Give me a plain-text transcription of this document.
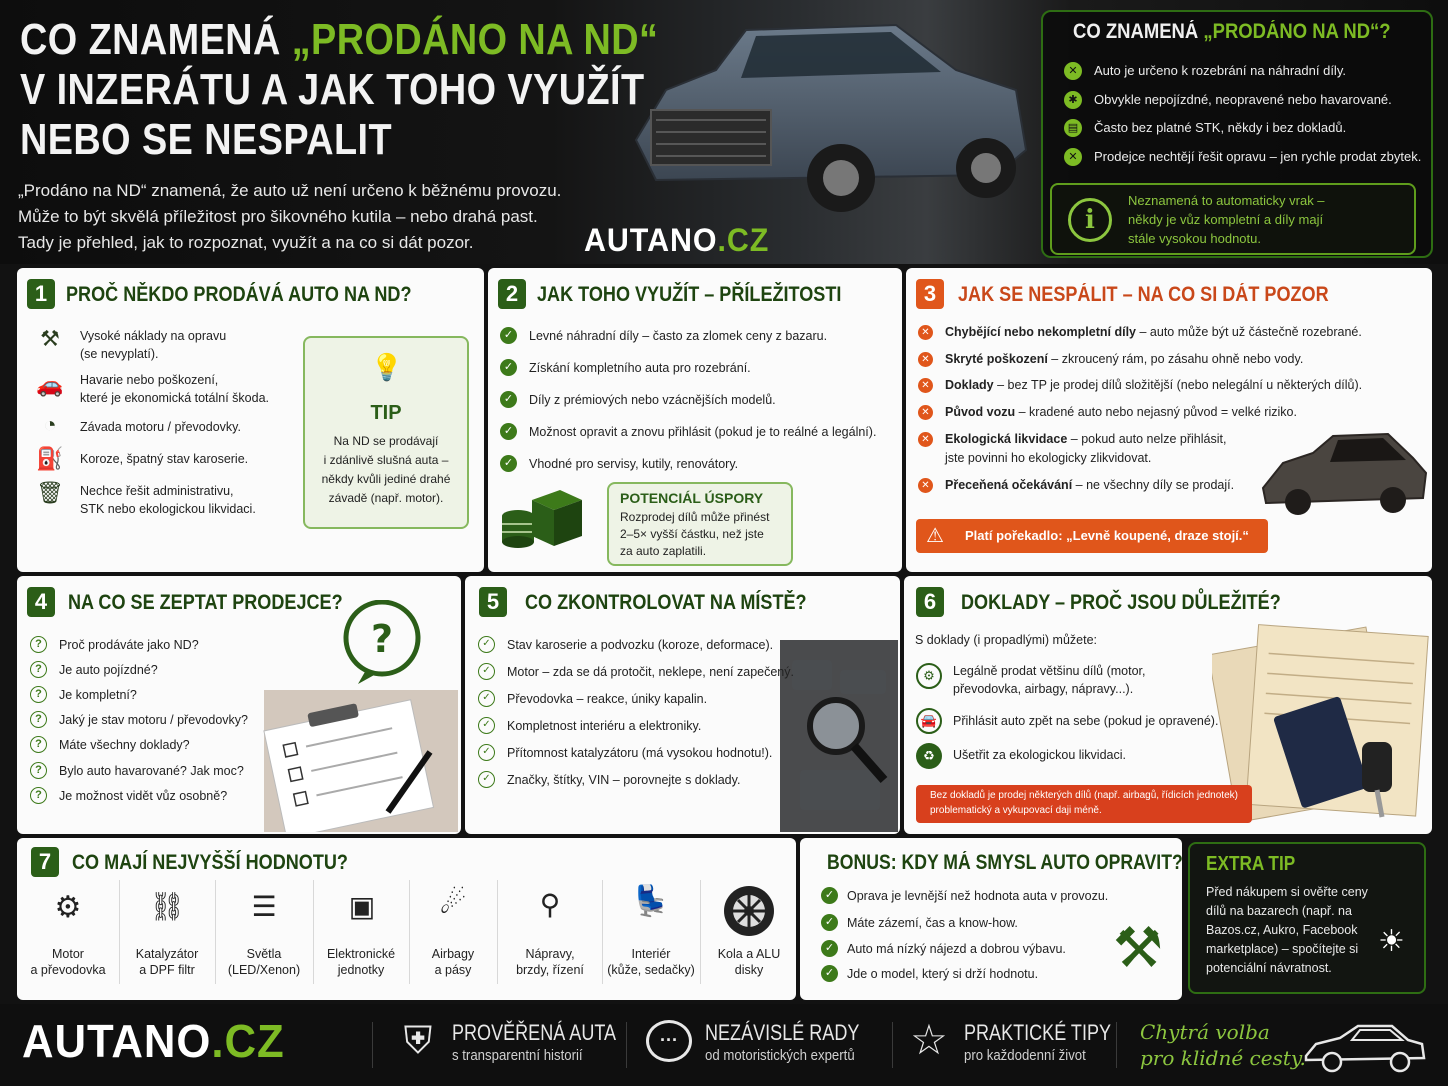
CO ZNAMENÁ „PRODÁNO NA ND“
V INZERÁTU A JAK TOHO VYUŽÍT
NEBO SE NESPALIT
„Prodáno na ND“ znamená, že auto už není určeno k běžnému provozu.
Může to být skvělá příležitost pro šikovného kutila – nebo drahá past.
Tady je přehled, jak to rozpoznat, využít a na co si dát pozor.	AUTANO.CZ
CO ZNAMENÁ „PRODÁNO NA ND“?
✕	Auto je určeno k rozebrání na náhradní díly.
✱	Obvykle nepojízdné, neopravené nebo havarované.
▤ Často bez platné STK, někdy i bez dokladů.
✕	Prodejce nechtějí řešit opravu – jen rychle prodat zbytek.
i
Neznamená to automaticky vrak –
někdy je vůz kompletní a díly mají
stále vysokou hodnotu.
1 PROČ NĚKDO PRODÁVÁ AUTO NA ND?
⚒	Vysoké náklady na opravu
(se nevyplatí).
🚗	Havarie nebo poškození,
které je ekonomická totální škoda.
◔	Závada motoru / převodovky.
⛽	Koroze, špatný stav karoserie.
🗑	Nechce řešit administrativu,
STK nebo ekologickou likvidaci.
💡
TIP
Na ND se prodávají
i zdánlivě slušná auta –
někdy kvůli jediné drahé
závadě (např. motor).
2 JAK TOHO VYUŽÍT – PŘÍLEŽITOSTI
✓	Levné náhradní díly – často za zlomek ceny z bazaru.
✓	Získání kompletního auta pro rozebrání.
✓	Díly z prémiových nebo vzácnějších modelů.
✓	Možnost opravit a znovu přihlásit (pokud je to reálné a legální).
✓	Vhodné pro servisy, kutily, renovátory.
POTENCIÁL ÚSPORY
Rozprodej dílů může přinést
2–5× vyšší částku, než jste
za auto zaplatili.
3	JAK SE NESPÁLIT – NA CO SI DÁT POZOR
✕ Chybějící nebo nekompletní díly – auto může být už částečně rozebrané.
✕ Skryté poškození – zkroucený rám, po zásahu ohně nebo vody.
✕ Doklady – bez TP je prodej dílů složitější (nebo nelegální u některých dílů).
✕ Původ vozu – kradené auto nebo nejasný původ = velké riziko.
✕ Ekologická likvidace – pokud auto nelze přihlásit,
jste povinni ho ekologicky zlikvidovat.
✕ Přeceňená očekávání – ne všechny díly se prodají.
⚠ Platí pořekadlo: „Levně koupené, draze stojí.“
4 NA CO SE ZEPTAT PRODEJCE?
?
?	Proč prodáváte jako ND?
?	Je auto pojízdné?
?	Je kompletní?
?	Jaký je stav motoru / převodovky?
?	Máte všechny doklady?
?	Bylo auto havarované? Jak moc?
?	Je možnost vidět vůz osobně?
5	CO ZKONTROLOVAT NA MÍSTĚ?
✓	Stav karoserie a podvozku (koroze, deformace).
✓	Motor – zda se dá protočit, neklepe, není zapečený.
✓	Převodovka – reakce, úniky kapalin.
✓	Kompletnost interiéru a elektroniky.
✓	Přítomnost katalyzátoru (má vysokou hodnotu!).
✓	Značky, štítky, VIN – porovnejte s doklady.
6	DOKLADY – PROČ JSOU DŮLEŽITÉ?
S doklady (i propadlými) můžete:
⚙	Legálně prodat většinu dílů (motor,
převodovka, airbagy, nápravy...).
🚘	Přihlásit auto zpět na sebe (pokud je opravené).
♻	Ušetřit za ekologickou likvidaci.
Bez dokladů je prodej některých dílů (např. airbagů, řídicích jednotek)
problematický a vykupovací daji méně.
7 CO MAJÍ NEJVYŠŠÍ HODNOTU?
⚙
Motor
a převodovka
⛓
Katalyzátor
a DPF filtr
☰
Světla
(LED/Xenon)
▣
Elektronické
jednotky
☄
Airbagy
a pásy
⚲
Nápravy,
brzdy, řízení
💺
Interiér
(kůže, sedačky)
Kola a ALU
disky
BONUS: KDY MÁ SMYSL AUTO OPRAVIT?
✓	Oprava je levnější než hodnota auta v provozu.
✓	Máte zázemí, čas a know-how.
✓	Auto má nízký nájezd a dobrou výbavu.
✓	Jde o model, který si drží hodnotu. ⚒
EXTRA TIP
Před nákupem si ověřte ceny
dílů na bazarech (např. na
Bazos.cz, Aukro, Facebook
marketplace) – spočítejte si
potenciální návratnost.
☀
AUTANO.CZ	⛨ PROVĚŘENÁ AUTA
s transparentní historií
···	NEZÁVISLÉ RADY
od motoristických expertů ☆ PRAKTICKÉ TIPY
pro každodenní život
Chytrá volba
pro klidné cesty.
